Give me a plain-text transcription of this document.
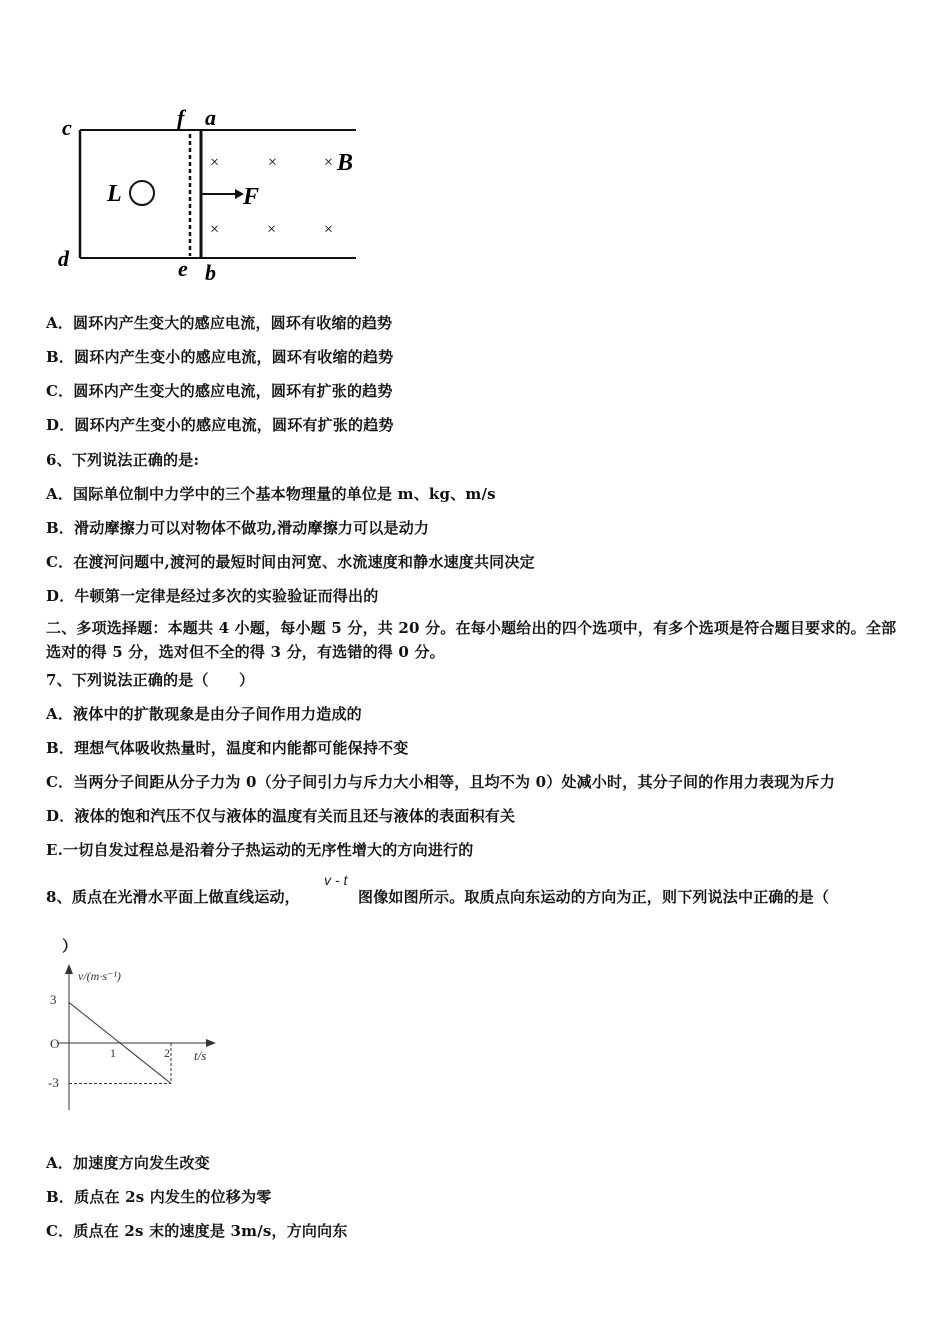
c
d
f a
e b
L	F
B
×	×	×
×	×	×
A．圆环内产生变大的感应电流，圆环有收缩的趋势
B．圆环内产生变小的感应电流，圆环有收缩的趋势
C．圆环内产生变大的感应电流，圆环有扩张的趋势
D．圆环内产生变小的感应电流，圆环有扩张的趋势
6、下列说法正确的是:
A．国际单位制中力学中的三个基本物理量的单位是 m、kg、m/s
B．滑动摩擦力可以对物体不做功,滑动摩擦力可以是动力
C．在渡河问题中,渡河的最短时间由河宽、水流速度和静水速度共同决定
D．牛顿第一定律是经过多次的实验验证而得出的
二、多项选择题：本题共 4 小题，每小题 5 分，共 20 分。在每小题给出的四个选项中，有多个选项是符合题目要求的。全部选对的得 5 分，选对但不全的得 3 分，有选错的得 0 分。
7、下列说法正确的是（　　）
A．液体中的扩散现象是由分子间作用力造成的
B．理想气体吸收热量时，温度和内能都可能保持不变
C．当两分子间距从分子力为 0（分子间引力与斥力大小相等，且均不为 0）处减小时，其分子间的作用力表现为斥力
D．液体的饱和汽压不仅与液体的温度有关而且还与液体的表面积有关
E.一切自发过程总是沿着分子热运动的无序性增大的方向进行的
8、质点在光滑水平面上做直线运动，
v - t
图像如图所示。取质点向东运动的方向为正，则下列说法中正确的是（
）
v/(m·s⁻¹)
t/s
3
O
-3
1	2
A．加速度方向发生改变
B．质点在 2s 内发生的位移为零
C．质点在 2s 末的速度是 3m/s，方向向东
